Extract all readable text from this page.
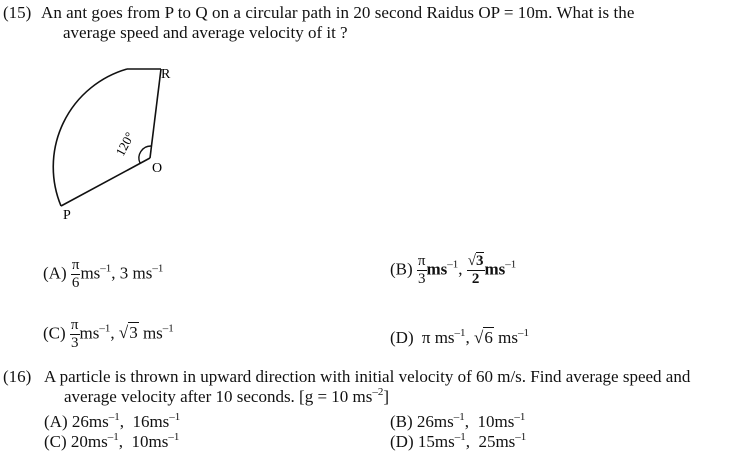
(15) An ant goes from P to Q on a circular path in 20 second Raidus OP = 10m. What is the
average speed and average velocity of it ?
120°
R
O
P
$(A) \frac{\pi}{6} ms^{-1}$, 3 $ms^{-1}$	$(B) \frac{\pi}{3} ms^{-1}$, $\frac{√3}{2} ms^{-1}$
$(C) \frac{\pi}{3} ms^{-1}$, √3 $ms^{-1}$	(D) π $ms^{-1}$, √6 $ms^{-1}$
(16) A particle is thrown in upward direction with initial velocity of 60 m/s. Find average speed and
average velocity after 10 seconds. [g = 10 $ms^{-2}$]
(A) $26ms^{-1}$, $16ms^{-1}$	(B) $26ms^{-1}$, $10ms^{-1}$
(C) $20ms^{-1}$, $10ms^{-1}$	(D) $15ms^{-1}$, $25ms^{-1}$
